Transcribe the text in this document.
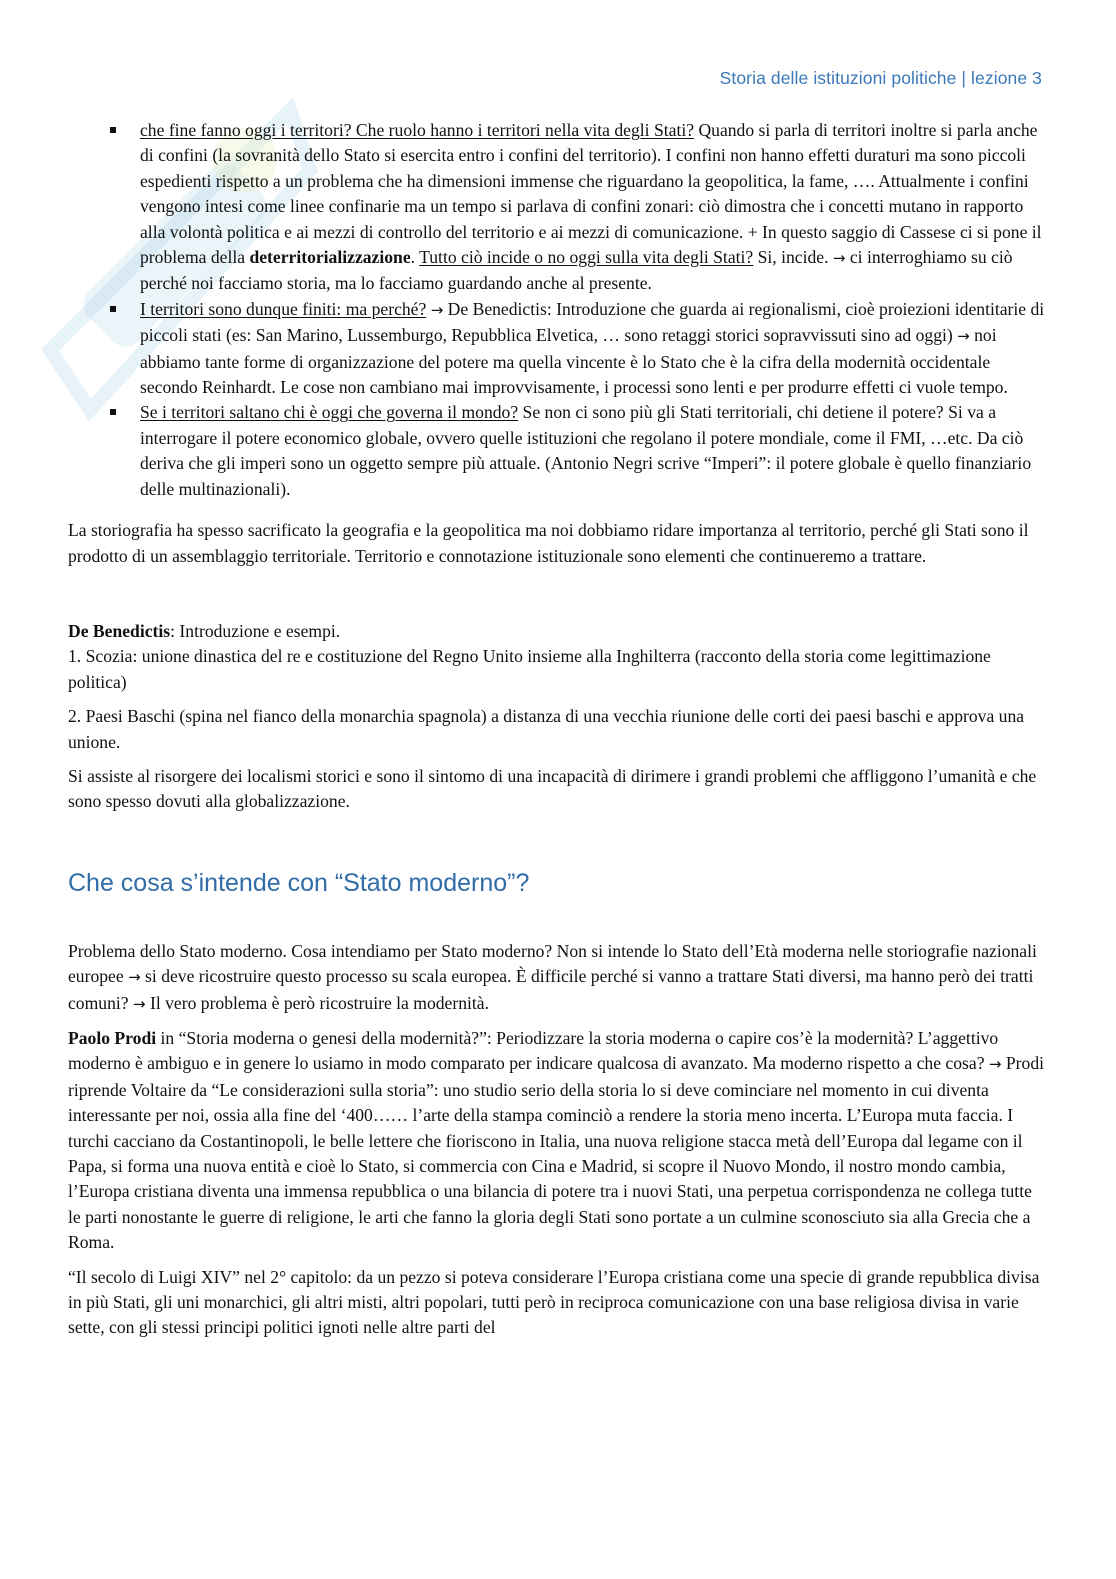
Storia delle istituzioni politiche | lezione 3
che fine fanno oggi i territori? Che ruolo hanno i territori nella vita degli Stati? Quando si parla di territori inoltre si parla anche di confini (la sovranità dello Stato si esercita entro i confini del territorio). I confini non hanno effetti duraturi ma sono piccoli espedienti rispetto a un problema che ha dimensioni immense che riguardano la geopolitica, la fame, …. Attualmente i confini vengono intesi come linee confinarie ma un tempo si parlava di confini zonari: ciò dimostra che i concetti mutano in rapporto alla volontà politica e ai mezzi di controllo del territorio e ai mezzi di comunicazione. + In questo saggio di Cassese ci si pone il problema della deterritorializzazione. Tutto ciò incide o no oggi sulla vita degli Stati? Si, incide. → ci interroghiamo su ciò perché noi facciamo storia, ma lo facciamo guardando anche al presente.
I territori sono dunque finiti: ma perché? → De Benedictis: Introduzione che guarda ai regionalismi, cioè proiezioni identitarie di piccoli stati (es: San Marino, Lussemburgo, Repubblica Elvetica, … sono retaggi storici sopravvissuti sino ad oggi) → noi abbiamo tante forme di organizzazione del potere ma quella vincente è lo Stato che è la cifra della modernità occidentale secondo Reinhardt. Le cose non cambiano mai improvvisamente, i processi sono lenti e per produrre effetti ci vuole tempo.
Se i territori saltano chi è oggi che governa il mondo? Se non ci sono più gli Stati territoriali, chi detiene il potere? Si va a interrogare il potere economico globale, ovvero quelle istituzioni che regolano il potere mondiale, come il FMI, …etc. Da ciò deriva che gli imperi sono un oggetto sempre più attuale. (Antonio Negri scrive “Imperi”: il potere globale è quello finanziario delle multinazionali).

La storiografia ha spesso sacrificato la geografia e la geopolitica ma noi dobbiamo ridare importanza al territorio, perché gli Stati sono il prodotto di un assemblaggio territoriale. Territorio e connotazione istituzionale sono elementi che continueremo a trattare.

De Benedictis: Introduzione e esempi.

1. Scozia: unione dinastica del re e costituzione del Regno Unito insieme alla Inghilterra (racconto della storia come legittimazione politica)

2. Paesi Baschi (spina nel fianco della monarchia spagnola) a distanza di una vecchia riunione delle corti dei paesi baschi e approva una unione.

Si assiste al risorgere dei localismi storici e sono il sintomo di una incapacità di dirimere i grandi problemi che affliggono l’umanità e che sono spesso dovuti alla globalizzazione.

Che cosa s’intende con “Stato moderno”?

Problema dello Stato moderno. Cosa intendiamo per Stato moderno? Non si intende lo Stato dell’Età moderna nelle storiografie nazionali europee → si deve ricostruire questo processo su scala europea. È difficile perché si vanno a trattare Stati diversi, ma hanno però dei tratti comuni? → Il vero problema è però ricostruire la modernità.

Paolo Prodi in “Storia moderna o genesi della modernità?”: Periodizzare la storia moderna o capire cos’è la modernità? L’aggettivo moderno è ambiguo e in genere lo usiamo in modo comparato per indicare qualcosa di avanzato. Ma moderno rispetto a che cosa? → Prodi riprende Voltaire da “Le considerazioni sulla storia”: uno studio serio della storia lo si deve cominciare nel momento in cui diventa interessante per noi, ossia alla fine del ‘400…… l’arte della stampa cominciò a rendere la storia meno incerta. L’Europa muta faccia. I turchi cacciano da Costantinopoli, le belle lettere che fioriscono in Italia, una nuova religione stacca metà dell’Europa dal legame con il Papa, si forma una nuova entità e cioè lo Stato, si commercia con Cina e Madrid, si scopre il Nuovo Mondo, il nostro mondo cambia, l’Europa cristiana diventa una immensa repubblica o una bilancia di potere tra i nuovi Stati, una perpetua corrispondenza ne collega tutte le parti nonostante le guerre di religione, le arti che fanno la gloria degli Stati sono portate a un culmine sconosciuto sia alla Grecia che a Roma.

“Il secolo di Luigi XIV” nel 2° capitolo: da un pezzo si poteva considerare l’Europa cristiana come una specie di grande repubblica divisa in più Stati, gli uni monarchici, gli altri misti, altri popolari, tutti però in reciproca comunicazione con una base religiosa divisa in varie sette, con gli stessi principi politici ignoti nelle altre parti del
